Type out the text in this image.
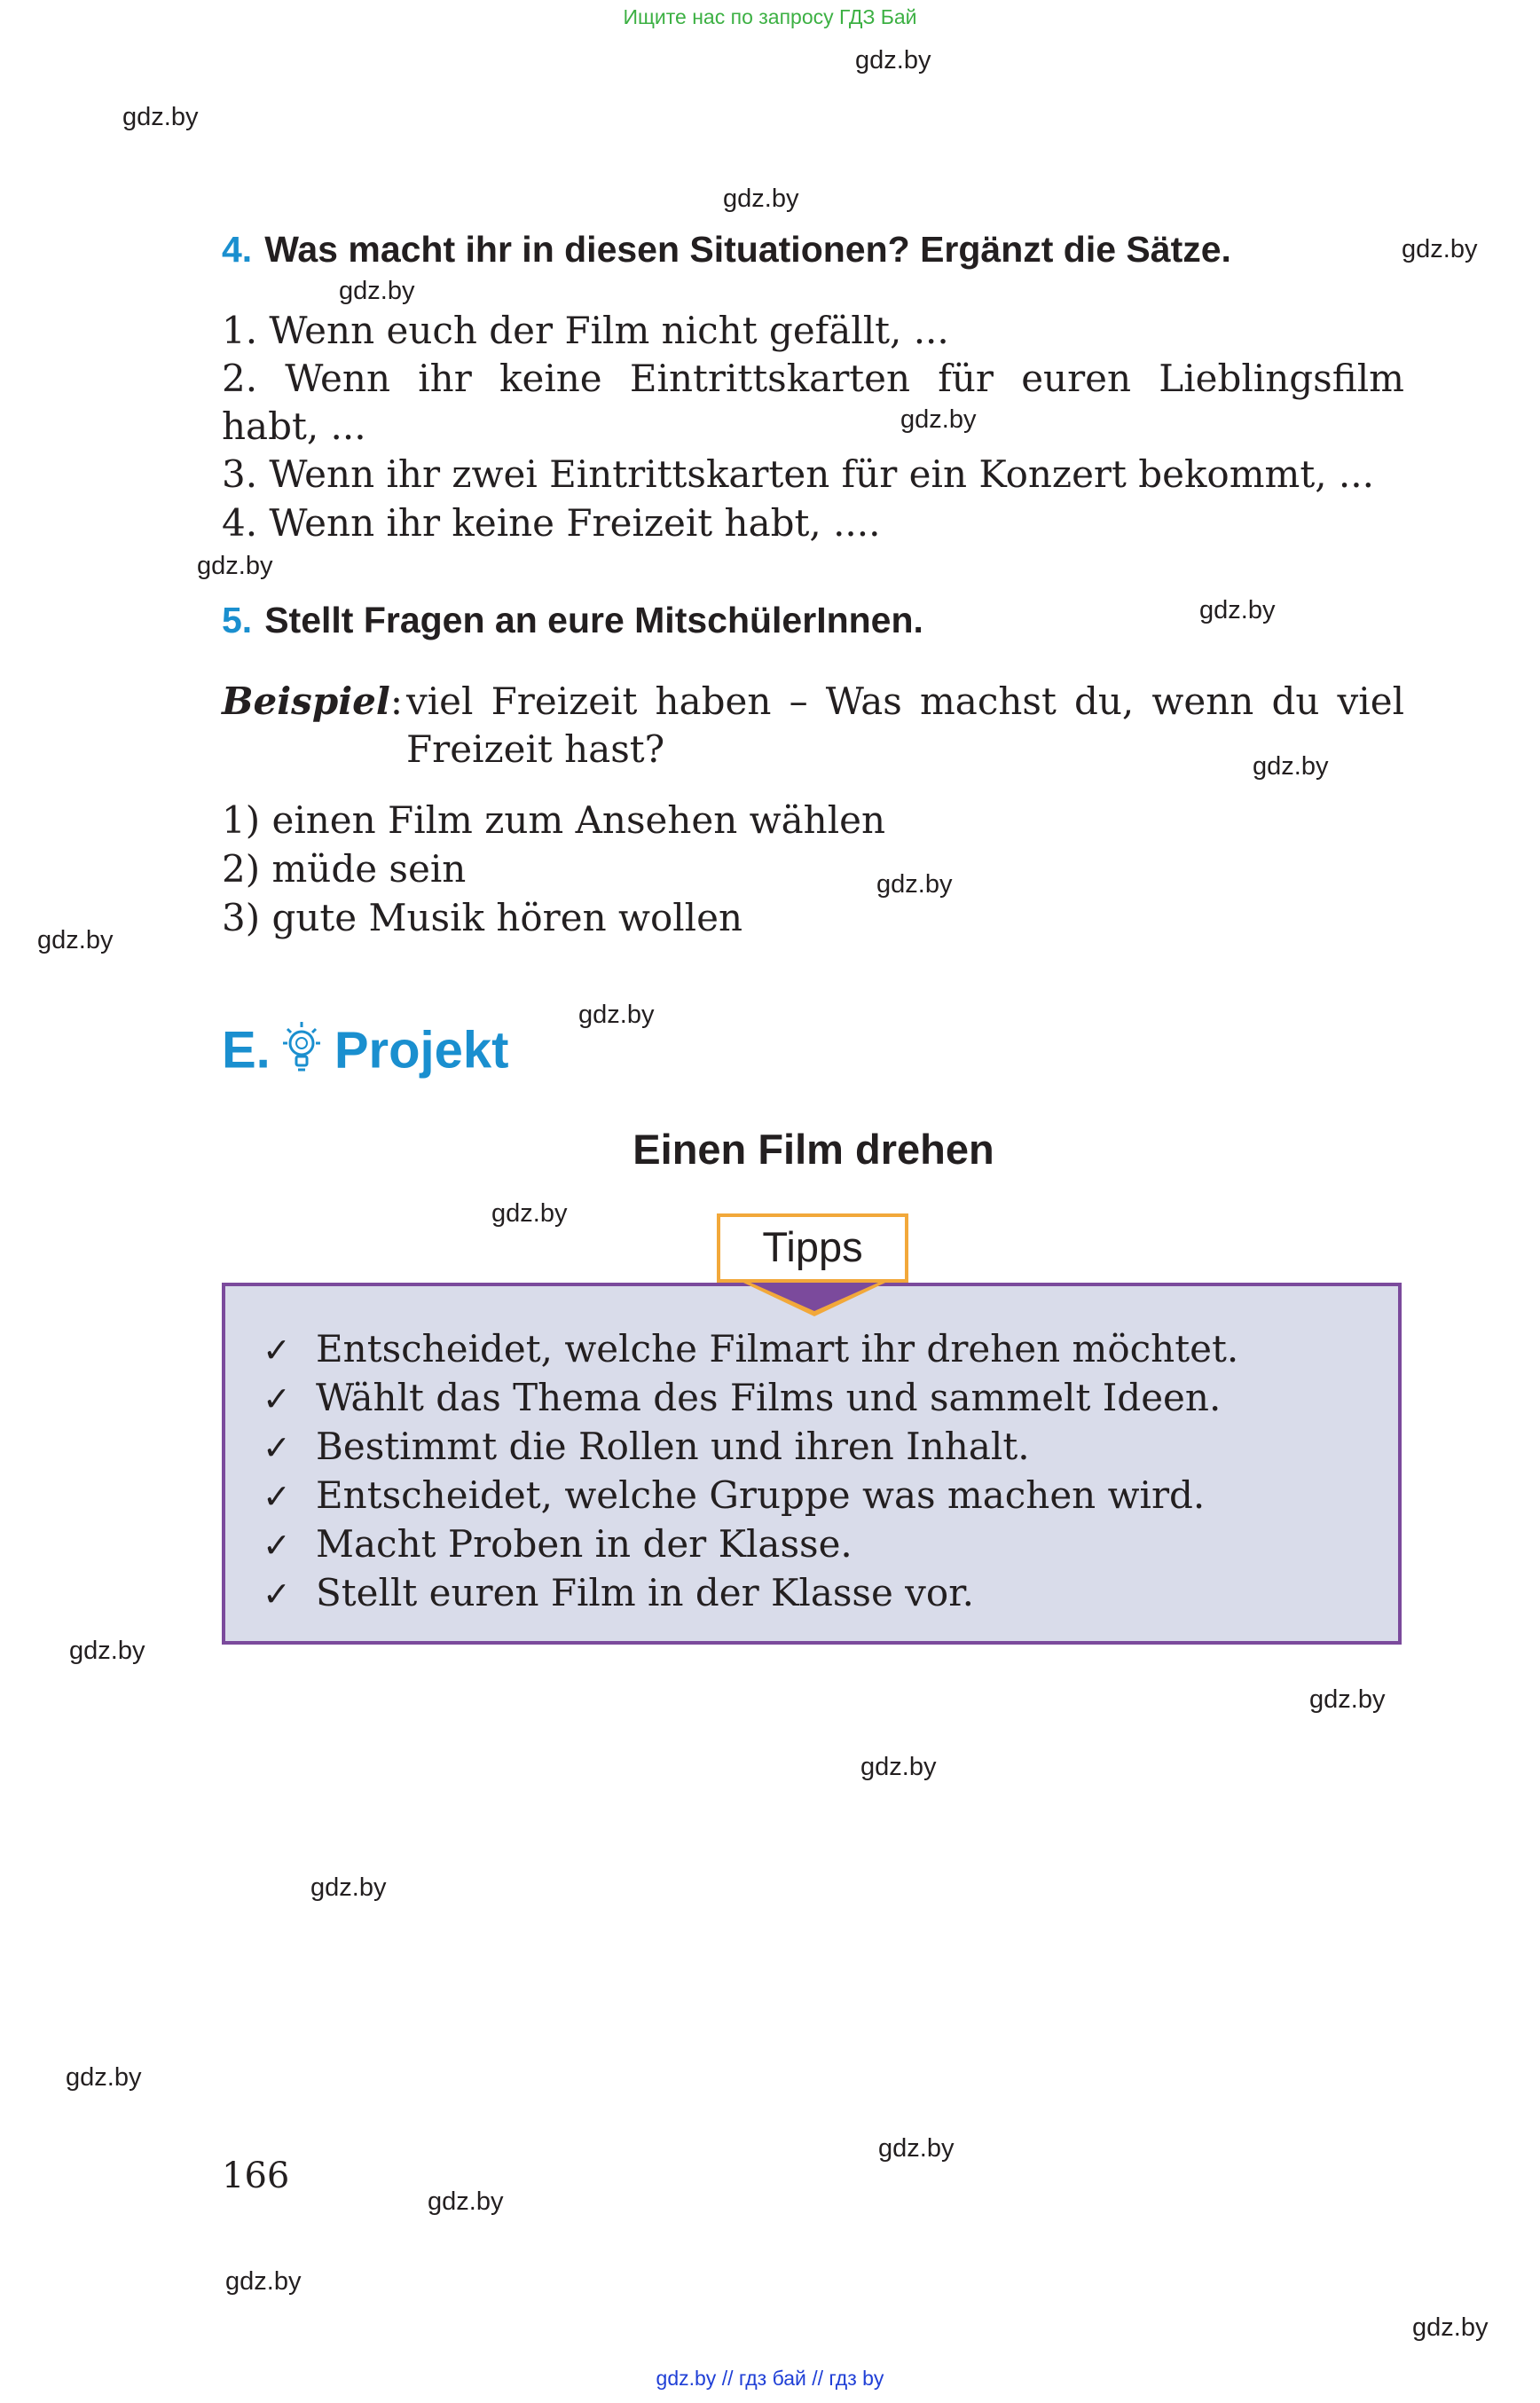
Ищите нас по запросу ГДЗ Бай
gdz.by
gdz.by
gdz.by
gdz.by
gdz.by
gdz.by
gdz.by
gdz.by
gdz.by
gdz.by
gdz.by
gdz.by
gdz.by
gdz.by
gdz.by
gdz.by
gdz.by
gdz.by
gdz.by
gdz.by
gdz.by
gdz.by
4. Was macht ihr in diesen Situationen? Ergänzt die Sätze.
1. Wenn euch der Film nicht gefällt, ...
2. Wenn ihr keine Eintrittskarten für euren Lieblingsfilm
habt, ...
3. Wenn ihr zwei Eintrittskarten für ein Konzert bekommt, ...
4. Wenn ihr keine Freizeit habt, ....
5. Stellt Fragen an eure MitschülerInnen.
Beispiel: viel Freizeit haben – Was machst du, wenn du viel
Freizeit hast?
1) einen Film zum Ansehen wählen
2) müde sein
3) gute Musik hören wollen
E. Projekt
Einen Film drehen
Tipps
✓ Entscheidet, welche Filmart ihr drehen möchtet.
✓ Wählt das Thema des Films und sammelt Ideen.
✓ Bestimmt die Rollen und ihren Inhalt.
✓ Entscheidet, welche Gruppe was machen wird.
✓ Macht Proben in der Klasse.
✓ Stellt euren Film in der Klasse vor.
166
gdz.by // гдз бай // гдз by
